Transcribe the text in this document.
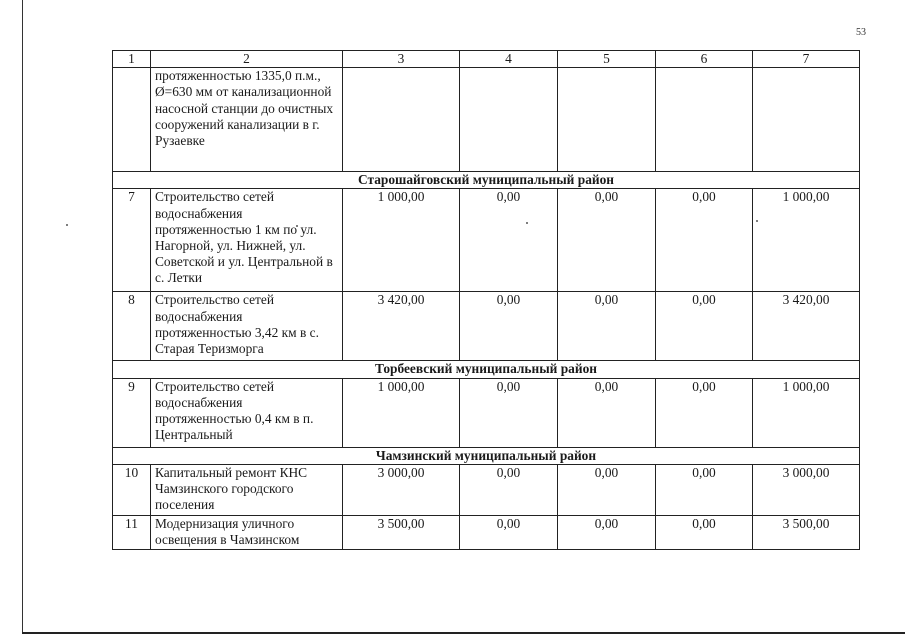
53
1	2	3	4	5	6	7
	протяженностью 1335,0 п.м., Ø=630 мм от канализационной насосной станции до очистных сооружений канализации в г. Рузаевке					
Старошайговский муниципальный район						
7	Строительство сетей водоснабжения протяженностью 1 км по ул. Нагорной, ул. Нижней, ул. Советской и ул. Центральной в с. Летки	1 000,00	0,00	0,00	0,00	1 000,00
8	Строительство сетей водоснабжения протяженностью 3,42 км в с. Старая Теризморга	3 420,00	0,00	0,00	0,00	3 420,00
Торбеевский муниципальный район						
9	Строительство сетей водоснабжения протяженностью 0,4 км в п. Центральный	1 000,00	0,00	0,00	0,00	1 000,00
Чамзинский муниципальный район						
10	Капитальный ремонт КНС Чамзинского городского поселения	3 000,00	0,00	0,00	0,00	3 000,00
11	Модернизация уличного освещения в Чамзинском	3 500,00	0,00	0,00	0,00	3 500,00
